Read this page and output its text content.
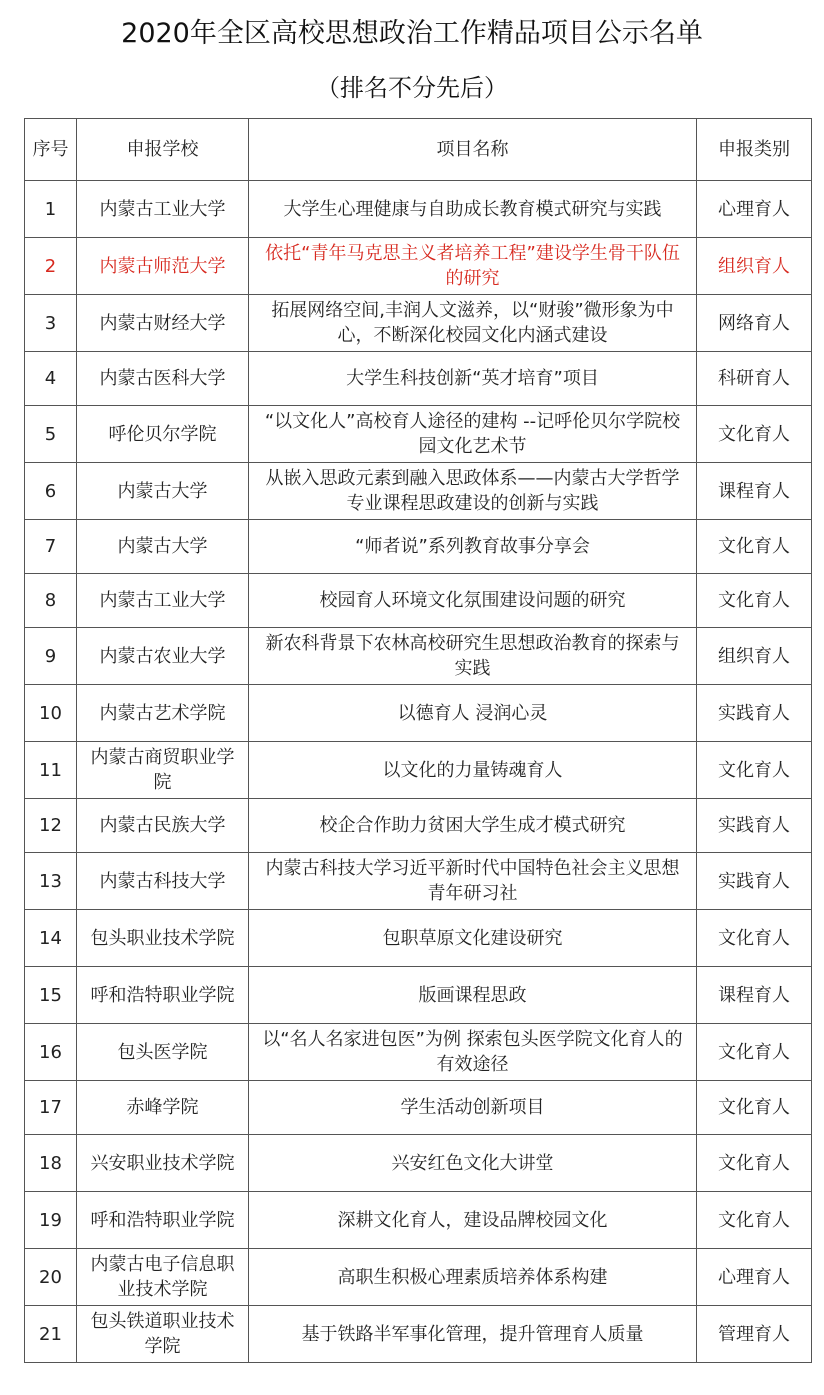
2020年全区高校思想政治工作精品项目公示名单
（排名不分先后）
序号	申报学校	项目名称	申报类别
1	内蒙古工业大学	大学生心理健康与自助成长教育模式研究与实践	心理育人
2	内蒙古师范大学	依托“青年马克思主义者培养工程”建设学生骨干队伍的研究	组织育人
3	内蒙古财经大学	拓展网络空间,丰润人文滋养，以“财骏”微形象为中心，不断深化校园文化内涵式建设	网络育人
4	内蒙古医科大学	大学生科技创新“英才培育”项目	科研育人
5	呼伦贝尔学院	“以文化人”高校育人途径的建构 --记呼伦贝尔学院校园文化艺术节	文化育人
6	内蒙古大学	从嵌入思政元素到融入思政体系——内蒙古大学哲学专业课程思政建设的创新与实践	课程育人
7	内蒙古大学	“师者说”系列教育故事分享会	文化育人
8	内蒙古工业大学	校园育人环境文化氛围建设问题的研究	文化育人
9	内蒙古农业大学	新农科背景下农林高校研究生思想政治教育的探索与实践	组织育人
10	内蒙古艺术学院	以德育人 浸润心灵	实践育人
11	内蒙古商贸职业学院	以文化的力量铸魂育人	文化育人
12	内蒙古民族大学	校企合作助力贫困大学生成才模式研究	实践育人
13	内蒙古科技大学	内蒙古科技大学习近平新时代中国特色社会主义思想青年研习社	实践育人
14	包头职业技术学院	包职草原文化建设研究	文化育人
15	呼和浩特职业学院	版画课程思政	课程育人
16	包头医学院	以“名人名家进包医”为例 探索包头医学院文化育人的有效途径	文化育人
17	赤峰学院	学生活动创新项目	文化育人
18	兴安职业技术学院	兴安红色文化大讲堂	文化育人
19	呼和浩特职业学院	深耕文化育人，建设品牌校园文化	文化育人
20	内蒙古电子信息职业技术学院	高职生积极心理素质培养体系构建	心理育人
21	包头铁道职业技术学院	基于铁路半军事化管理，提升管理育人质量	管理育人
